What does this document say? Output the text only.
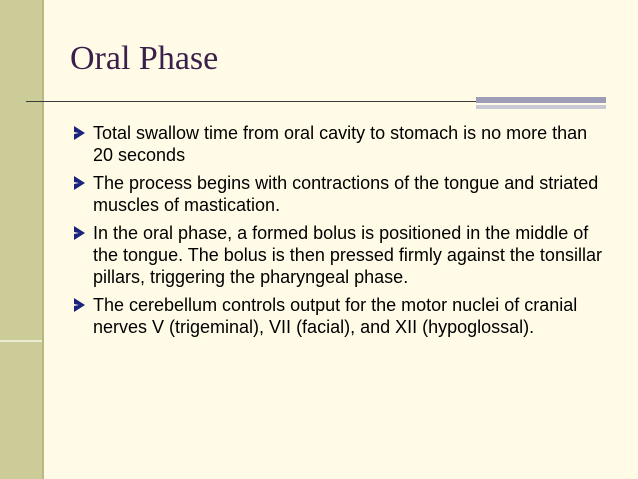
Oral Phase
Total swallow time from oral cavity to stomach is no more than 20 seconds
The process begins with contractions of the tongue and striated muscles of mastication.
In the oral phase, a formed bolus is positioned in the middle of the tongue. The bolus is then pressed firmly against the tonsillar pillars, triggering the pharyngeal phase.
The cerebellum controls output for the motor nuclei of cranial nerves V (trigeminal), VII (facial), and XII (hypoglossal).
